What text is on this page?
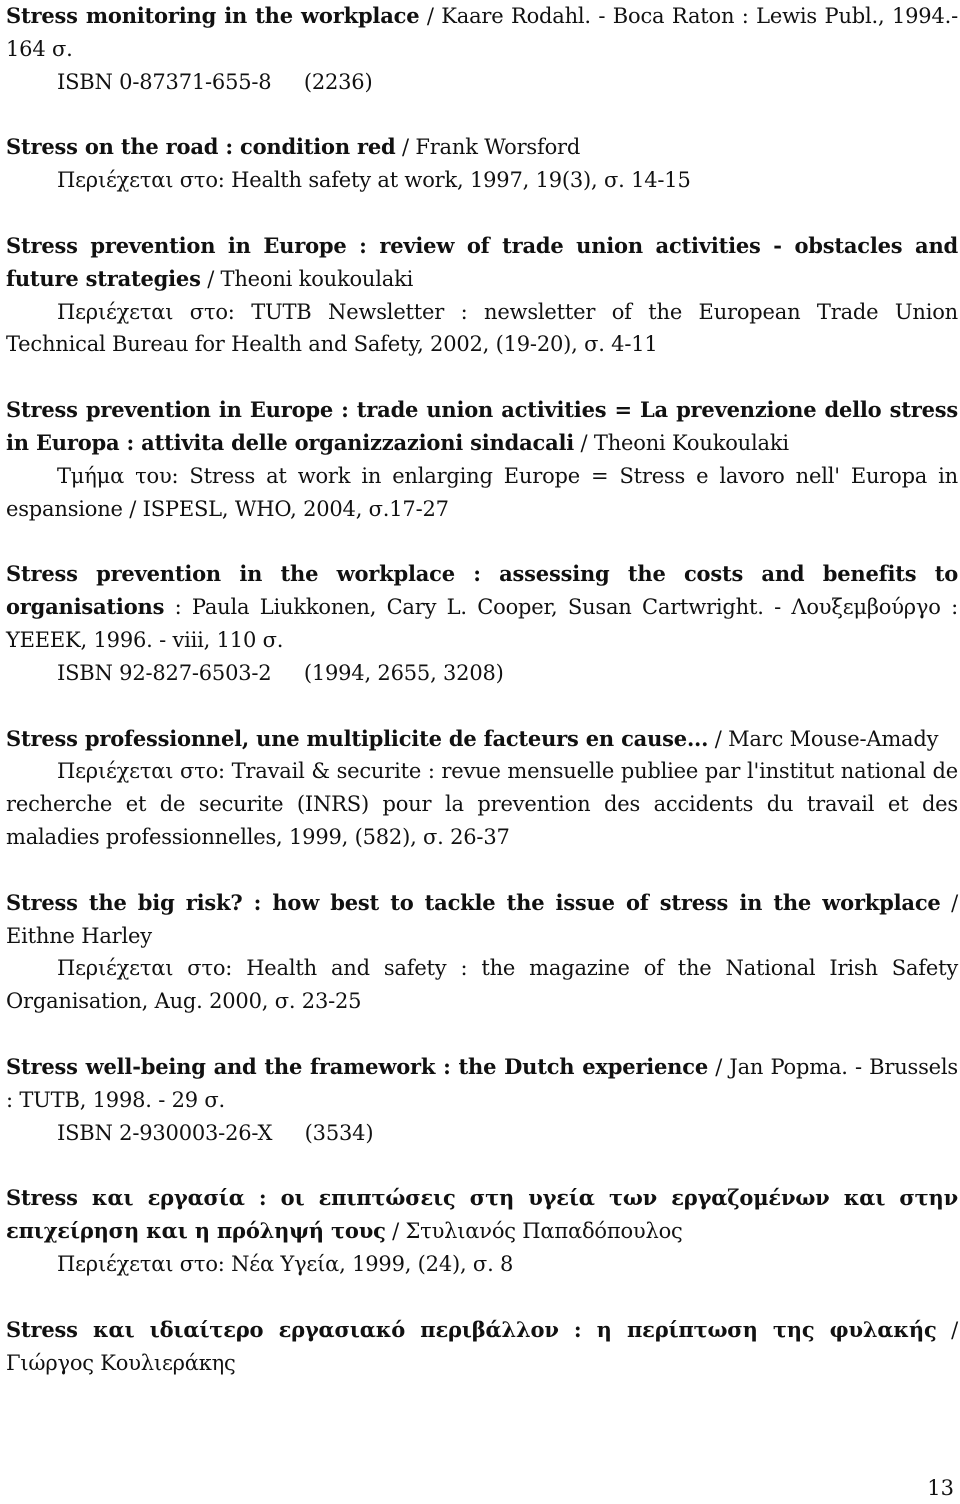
Stress monitoring in the workplace / Kaare Rodahl. - Boca Raton : Lewis Publ., 1994.- 164 σ.

ISBN 0-87371-655-8     (2236)

Stress on the road : condition red / Frank Worsford

Περιέχεται στο: Health safety at work, 1997, 19(3), σ. 14-15

Stress prevention in Europe : review of trade union activities - obstacles and future strategies / Theoni koukoulaki

Περιέχεται στο: TUTB Newsletter : newsletter of the European Trade Union Technical Bureau for Health and Safety, 2002, (19-20), σ. 4-11

Stress prevention in Europe : trade union activities = La prevenzione dello stress in Europa : attivita delle organizzazioni sindacali / Theoni Koukoulaki

Τμήμα του: Stress at work in enlarging Europe = Stress e lavoro nell' Europa in espansione / ISPESL, WHO, 2004, σ.17-27

Stress prevention in the workplace : assessing the costs and benefits to organisations : Paula Liukkonen, Cary L. Cooper, Susan Cartwright. - Λουξεμβούργο : ΥΕΕΕΚ, 1996. - viii, 110 σ.

ISBN 92-827-6503-2     (1994, 2655, 3208)

Stress professionnel, une multiplicite de facteurs en cause... / Marc Mouse-Amady

Περιέχεται στο: Travail & securite : revue mensuelle publiee par l'institut national de recherche et de securite (INRS) pour la prevention des accidents du travail et des maladies professionnelles, 1999, (582), σ. 26-37

Stress the big risk? : how best to tackle the issue of stress in the workplace / Eithne Harley

Περιέχεται στο: Health and safety : the magazine of the National Irish Safety Organisation, Aug. 2000, σ. 23-25

Stress well-being and the framework : the Dutch experience / Jan Popma. - Brussels : TUTB, 1998. - 29 σ.

ISBN 2-930003-26-X     (3534)

Stress και εργασία : οι επιπτώσεις στη υγεία των εργαζομένων και στην επιχείρηση και η πρόληψή τους / Στυλιανός Παπαδόπουλος

Περιέχεται στο: Νέα Υγεία, 1999, (24), σ. 8

Stress και ιδιαίτερο εργασιακό περιβάλλον : η περίπτωση της φυλακής / Γιώργος Κουλιεράκης

13
